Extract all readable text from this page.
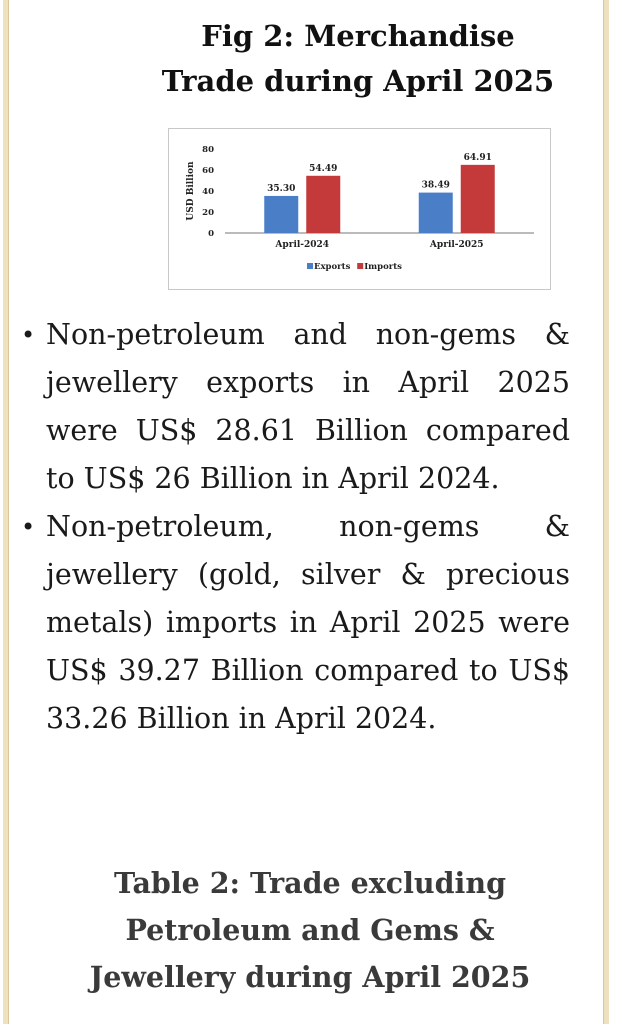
Fig 2: Merchandise
Trade during April 2025
USD Billion
0
20
40
60
80
35.30
54.49
April-2024
38.49
64.91
April-2025
Exports Imports
• Non-petroleum and non-gems & jewellery exports in April 2025 were US$ 28.61 Billion compared to US$ 26 Billion in April 2024.
• Non-petroleum, non-gems & jewellery (gold, silver & precious metals) imports in April 2025 were US$ 39.27 Billion compared to US$ 33.26 Billion in April 2024.
Table 2: Trade excluding
Petroleum and Gems &
Jewellery during April 2025
